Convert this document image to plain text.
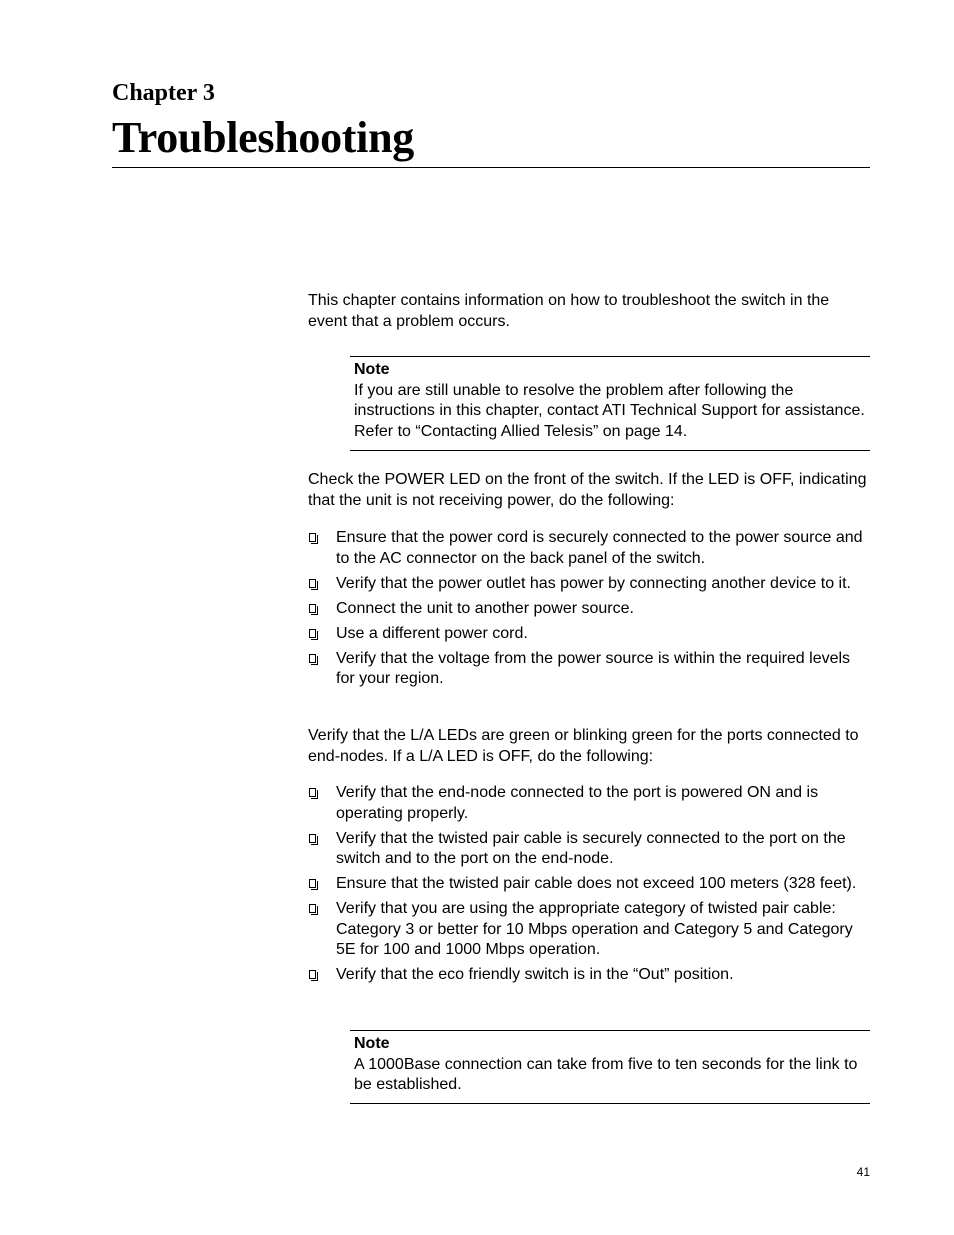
Chapter 3
Troubleshooting

This chapter contains information on how to troubleshoot the switch in the event that a problem occurs.

Note
If you are still unable to resolve the problem after following the instructions in this chapter, contact ATI Technical Support for assistance. Refer to “Contacting Allied Telesis” on page 14.

Check the POWER LED on the front of the switch. If the LED is OFF, indicating that the unit is not receiving power, do the following:

Ensure that the power cord is securely connected to the power source and to the AC connector on the back panel of the switch.
Verify that the power outlet has power by connecting another device to it.
Connect the unit to another power source.
Use a different power cord.
Verify that the voltage from the power source is within the required levels for your region.

Verify that the L/A LEDs are green or blinking green for the ports connected to end-nodes. If a L/A LED is OFF, do the following:

Verify that the end-node connected to the port is powered ON and is operating properly.
Verify that the twisted pair cable is securely connected to the port on the switch and to the port on the end-node.
Ensure that the twisted pair cable does not exceed 100 meters (328 feet).
Verify that you are using the appropriate category of twisted pair cable: Category 3 or better for 10 Mbps operation and Category 5 and Category 5E for 100 and 1000 Mbps operation.
Verify that the eco friendly switch is in the “Out” position.
Note
A 1000Base connection can take from five to ten seconds for the link to be established.
41
